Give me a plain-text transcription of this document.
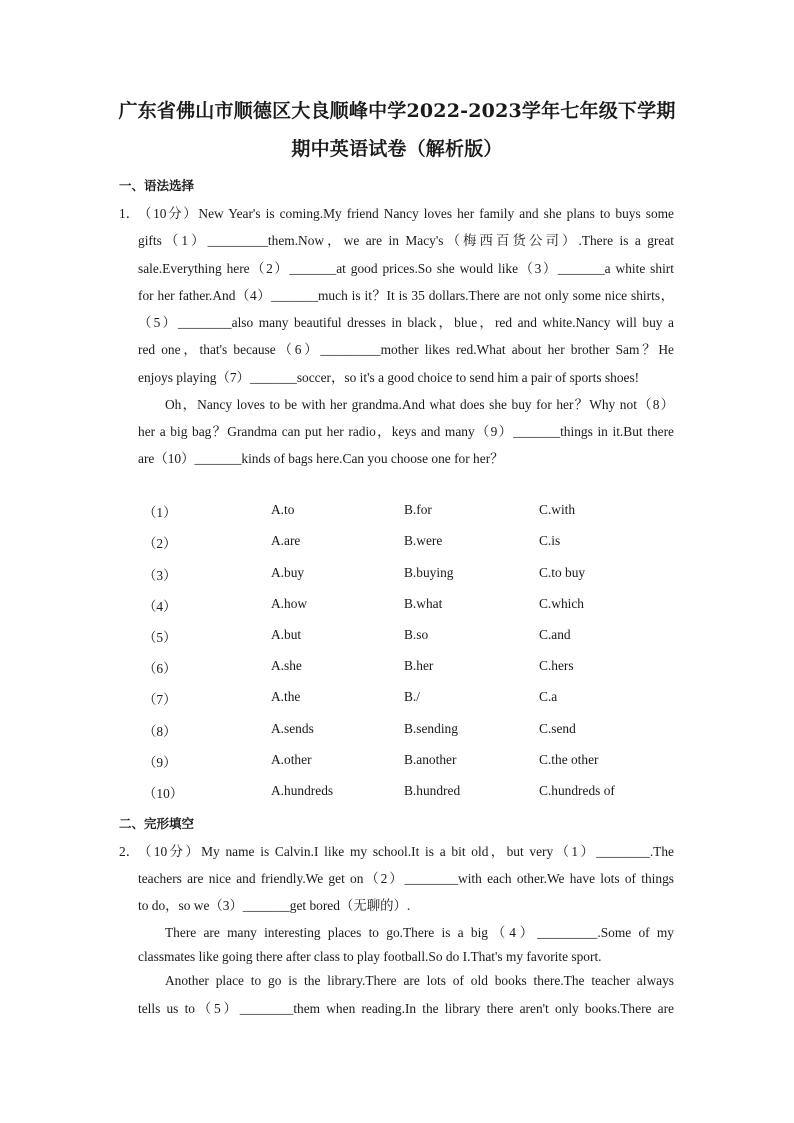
广东省佛山市顺德区大良顺峰中学2022-2023学年七年级下学期
期中英语试卷（解析版）
一、语法选择
1．
（10分）New Year's is coming.My friend Nancy loves her family and she plans to buys some
gifts（1）_________them.Now，we are in Macy's（梅西百货公司）.There is a great
sale.Everything here（2）_______at good prices.So she would like（3）_______a white shirt
for her father.And（4）_______much is it？It is 35 dollars.There are not only some nice shirts，
（5）________also many beautiful dresses in black，blue，red and white.Nancy will buy a
red one，that's because（6）_________mother likes red.What about her brother Sam？He
enjoys playing（7）_______soccer，so it's a good choice to send him a pair of sports shoes!
Oh，Nancy loves to be with her grandma.And what does she buy for her？Why not（8）
her a big bag？Grandma can put her radio，keys and many（9）_______things in it.But there
are（10）_______kinds of bags here.Can you choose one for her？
（1）	A.to	B.for	C.with
（2）	A.are	B.were	C.is
（3）	A.buy	B.buying	C.to buy
（4）	A.how	B.what	C.which
（5）	A.but	B.so	C.and
（6）	A.she	B.her	C.hers
（7）	A.the	B./	C.a
（8）	A.sends	B.sending	C.send
（9）	A.other	B.another	C.the other
（10）	A.hundreds	B.hundred	C.hundreds of
二、完形填空
2．
（10分）My name is Calvin.I like my school.It is a bit old，but very（1）________.The
teachers are nice and friendly.We get on（2）________with each other.We have lots of things
to do，so we（3）_______get bored（无聊的）.
There are many interesting places to go.There is a big（4）_________.Some of my
classmates like going there after class to play football.So do I.That's my favorite sport.
Another place to go is the library.There are lots of old books there.The teacher always
tells us to（5）________them when reading.In the library there aren't only books.There are
